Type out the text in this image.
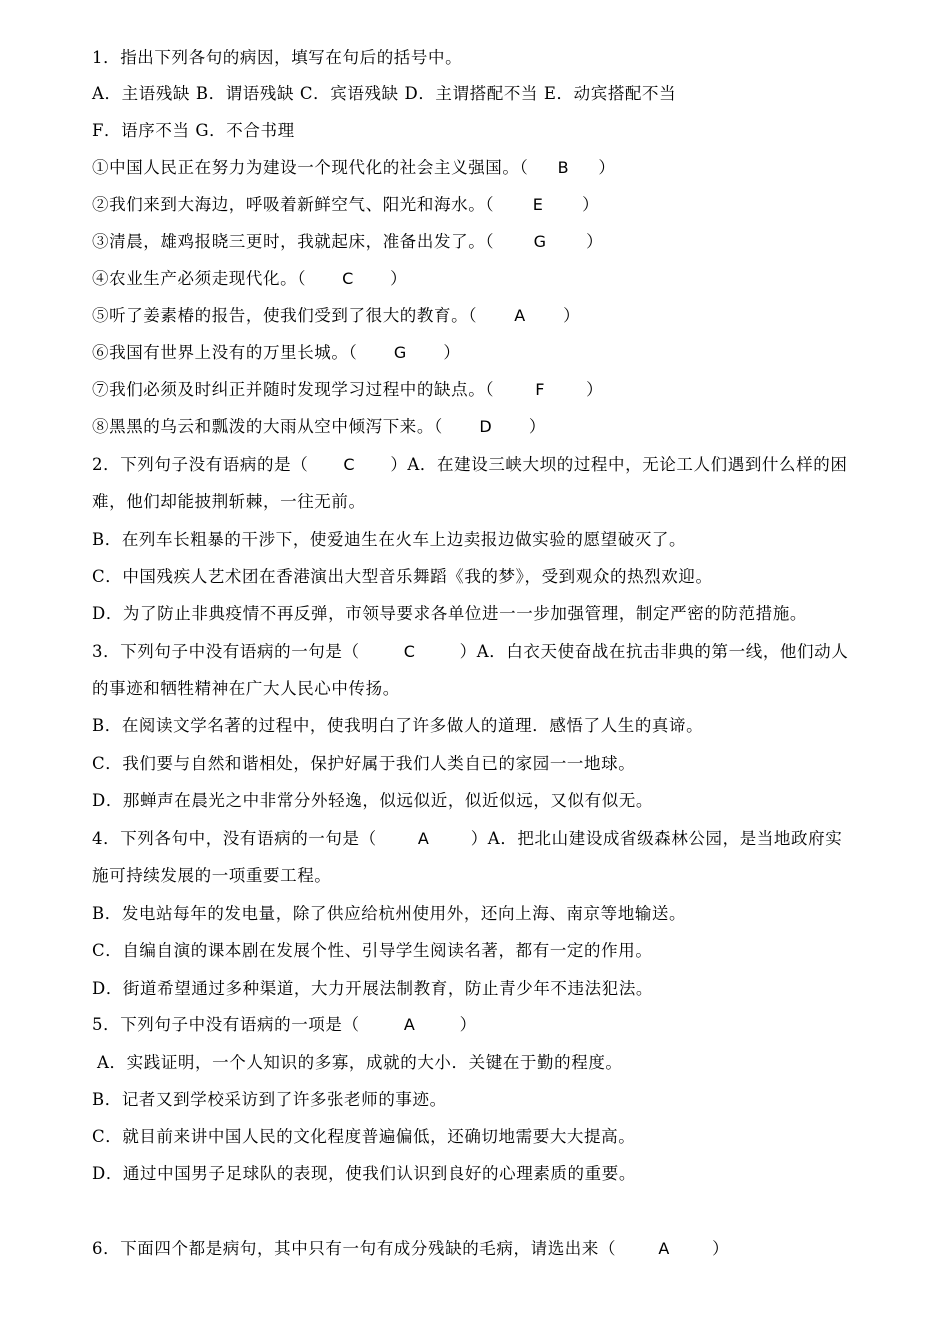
1．指出下列各句的病因，填写在句后的括号中。
A．主语残缺 B．谓语残缺 C．宾语残缺 D．主谓搭配不当 E．动宾搭配不当
F．语序不当 G．不合书理
①中国人民正在努力为建设一个现代化的社会主义强国。（ B ）
②我们来到大海边，呼吸着新鲜空气、阳光和海水。（ E ）
③清晨，雄鸡报晓三更时，我就起床，准备出发了。（ G ）
④农业生产必须走现代化。（ C ）
⑤听了姜素椿的报告，使我们受到了很大的教育。（ A ）
⑥我国有世界上没有的万里长城。（ G ）
⑦我们必须及时纠正并随时发现学习过程中的缺点。（	F ）
⑧黑黑的乌云和瓢泼的大雨从空中倾泻下来。（ D ）
2．下列句子没有语病的是（ C ）A．在建设三峡大坝的过程中，无论工人们遇到什么样的困
难，他们却能披荆斩棘，一往无前。
B．在列车长粗暴的干涉下，使爱迪生在火车上边卖报边做实验的愿望破灭了。
C．中国残疾人艺术团在香港演出大型音乐舞蹈《我的梦》，受到观众的热烈欢迎。
D．为了防止非典疫情不再反弹，市领导要求各单位进一一步加强管理，制定严密的防范措施。
3．下列句子中没有语病的一句是（	C	）A．白衣天使奋战在抗击非典的第一线，他们动人
的事迹和牺牲精神在广大人民心中传扬。
B．在阅读文学名著的过程中，使我明白了许多做人的道理．感悟了人生的真谛。
C．我们要与自然和谐相处，保护好属于我们人类自已的家园一一地球。
D．那蝉声在晨光之中非常分外轻逸，似远似近，似近似远，又似有似无。
4．下列各句中，没有语病的一句是（	A ）A．把北山建设成省级森林公园，是当地政府实
施可持续发展的一项重要工程。
B．发电站每年的发电量，除了供应给杭州使用外，还向上海、南京等地输送。
C．自编自演的课本剧在发展个性、引导学生阅读名著，都有一定的作用。
D．街道希望通过多种渠道，大力开展法制教育，防止青少年不违法犯法。
5．下列句子中没有语病的一项是（	A	）
A．实践证明，一个人知识的多寡，成就的大小．关键在于勤的程度。
B．记者又到学校采访到了许多张老师的事迹。
C．就目前来讲中国人民的文化程度普遍偏低，还确切地需要大大提高。
D．通过中国男子足球队的表现，使我们认识到良好的心理素质的重要。
6．下面四个都是病句，其中只有一句有成分残缺的毛病，请选出来（	A	）
